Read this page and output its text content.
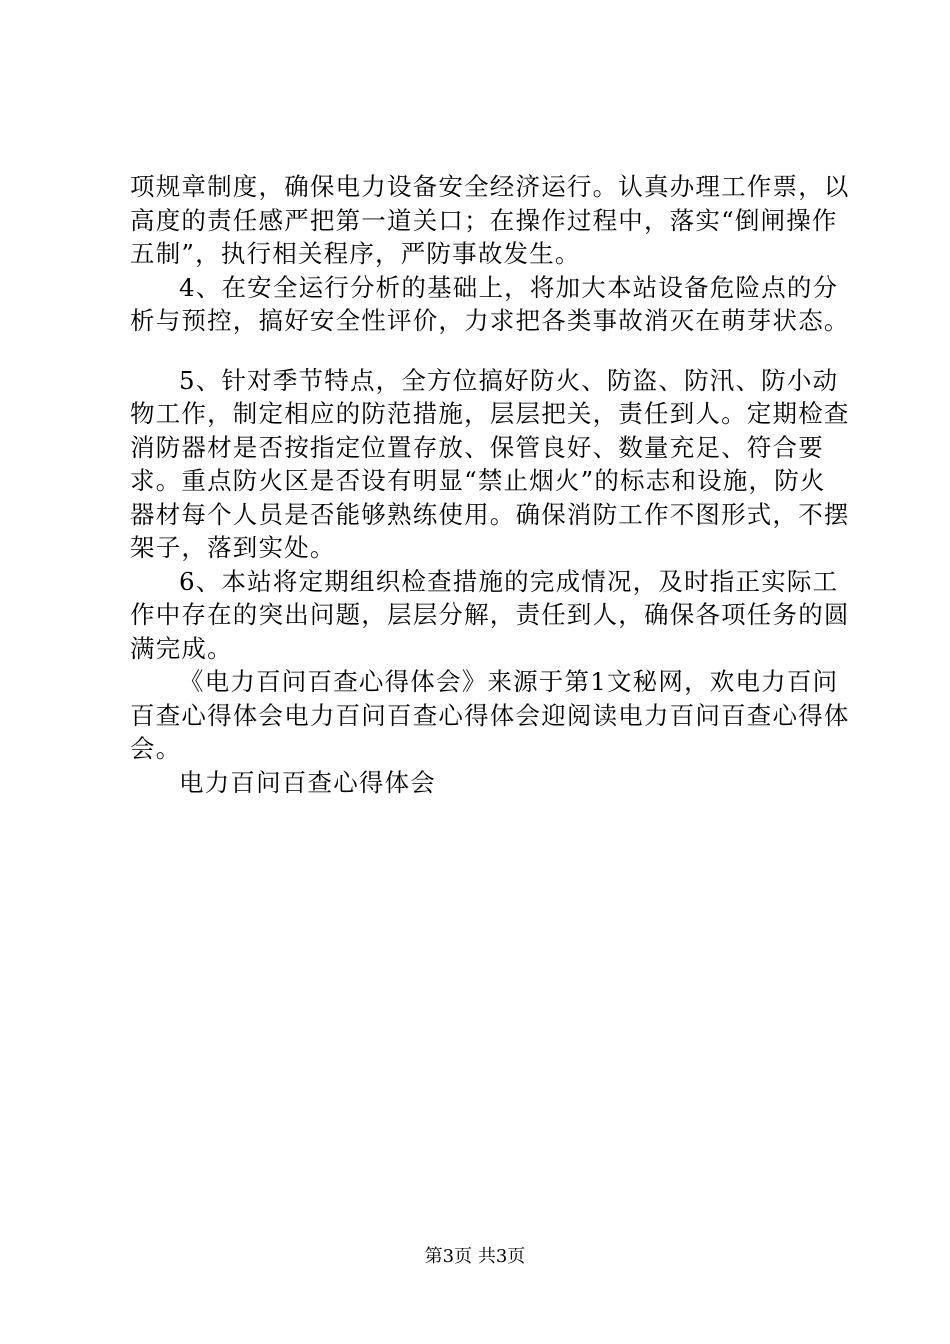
项规章制度，确保电力设备安全经济运行。认真办理工作票，以高度的责任感严把第一道关口；在操作过程中，落实“倒闸操作五制”，执行相关程序，严防事故发生。

4、在安全运行分析的基础上，将加大本站设备危险点的分析与预控，搞好安全性评价，力求把各类事故消灭在萌芽状态。

5、针对季节特点，全方位搞好防火、防盗、防汛、防小动物工作，制定相应的防范措施，层层把关，责任到人。定期检查消防器材是否按指定位置存放、保管良好、数量充足、符合要求。重点防火区是否设有明显“禁止烟火”的标志和设施，防火器材每个人员是否能够熟练使用。确保消防工作不图形式，不摆架子，落到实处。

6、本站将定期组织检查措施的完成情况，及时指正实际工作中存在的突出问题，层层分解，责任到人，确保各项任务的圆满完成。

《电力百问百查心得体会》来源于第1文秘网，欢电力百问百查心得体会电力百问百查心得体会迎阅读电力百问百查心得体会。

电力百问百查心得体会

第3页 共3页
